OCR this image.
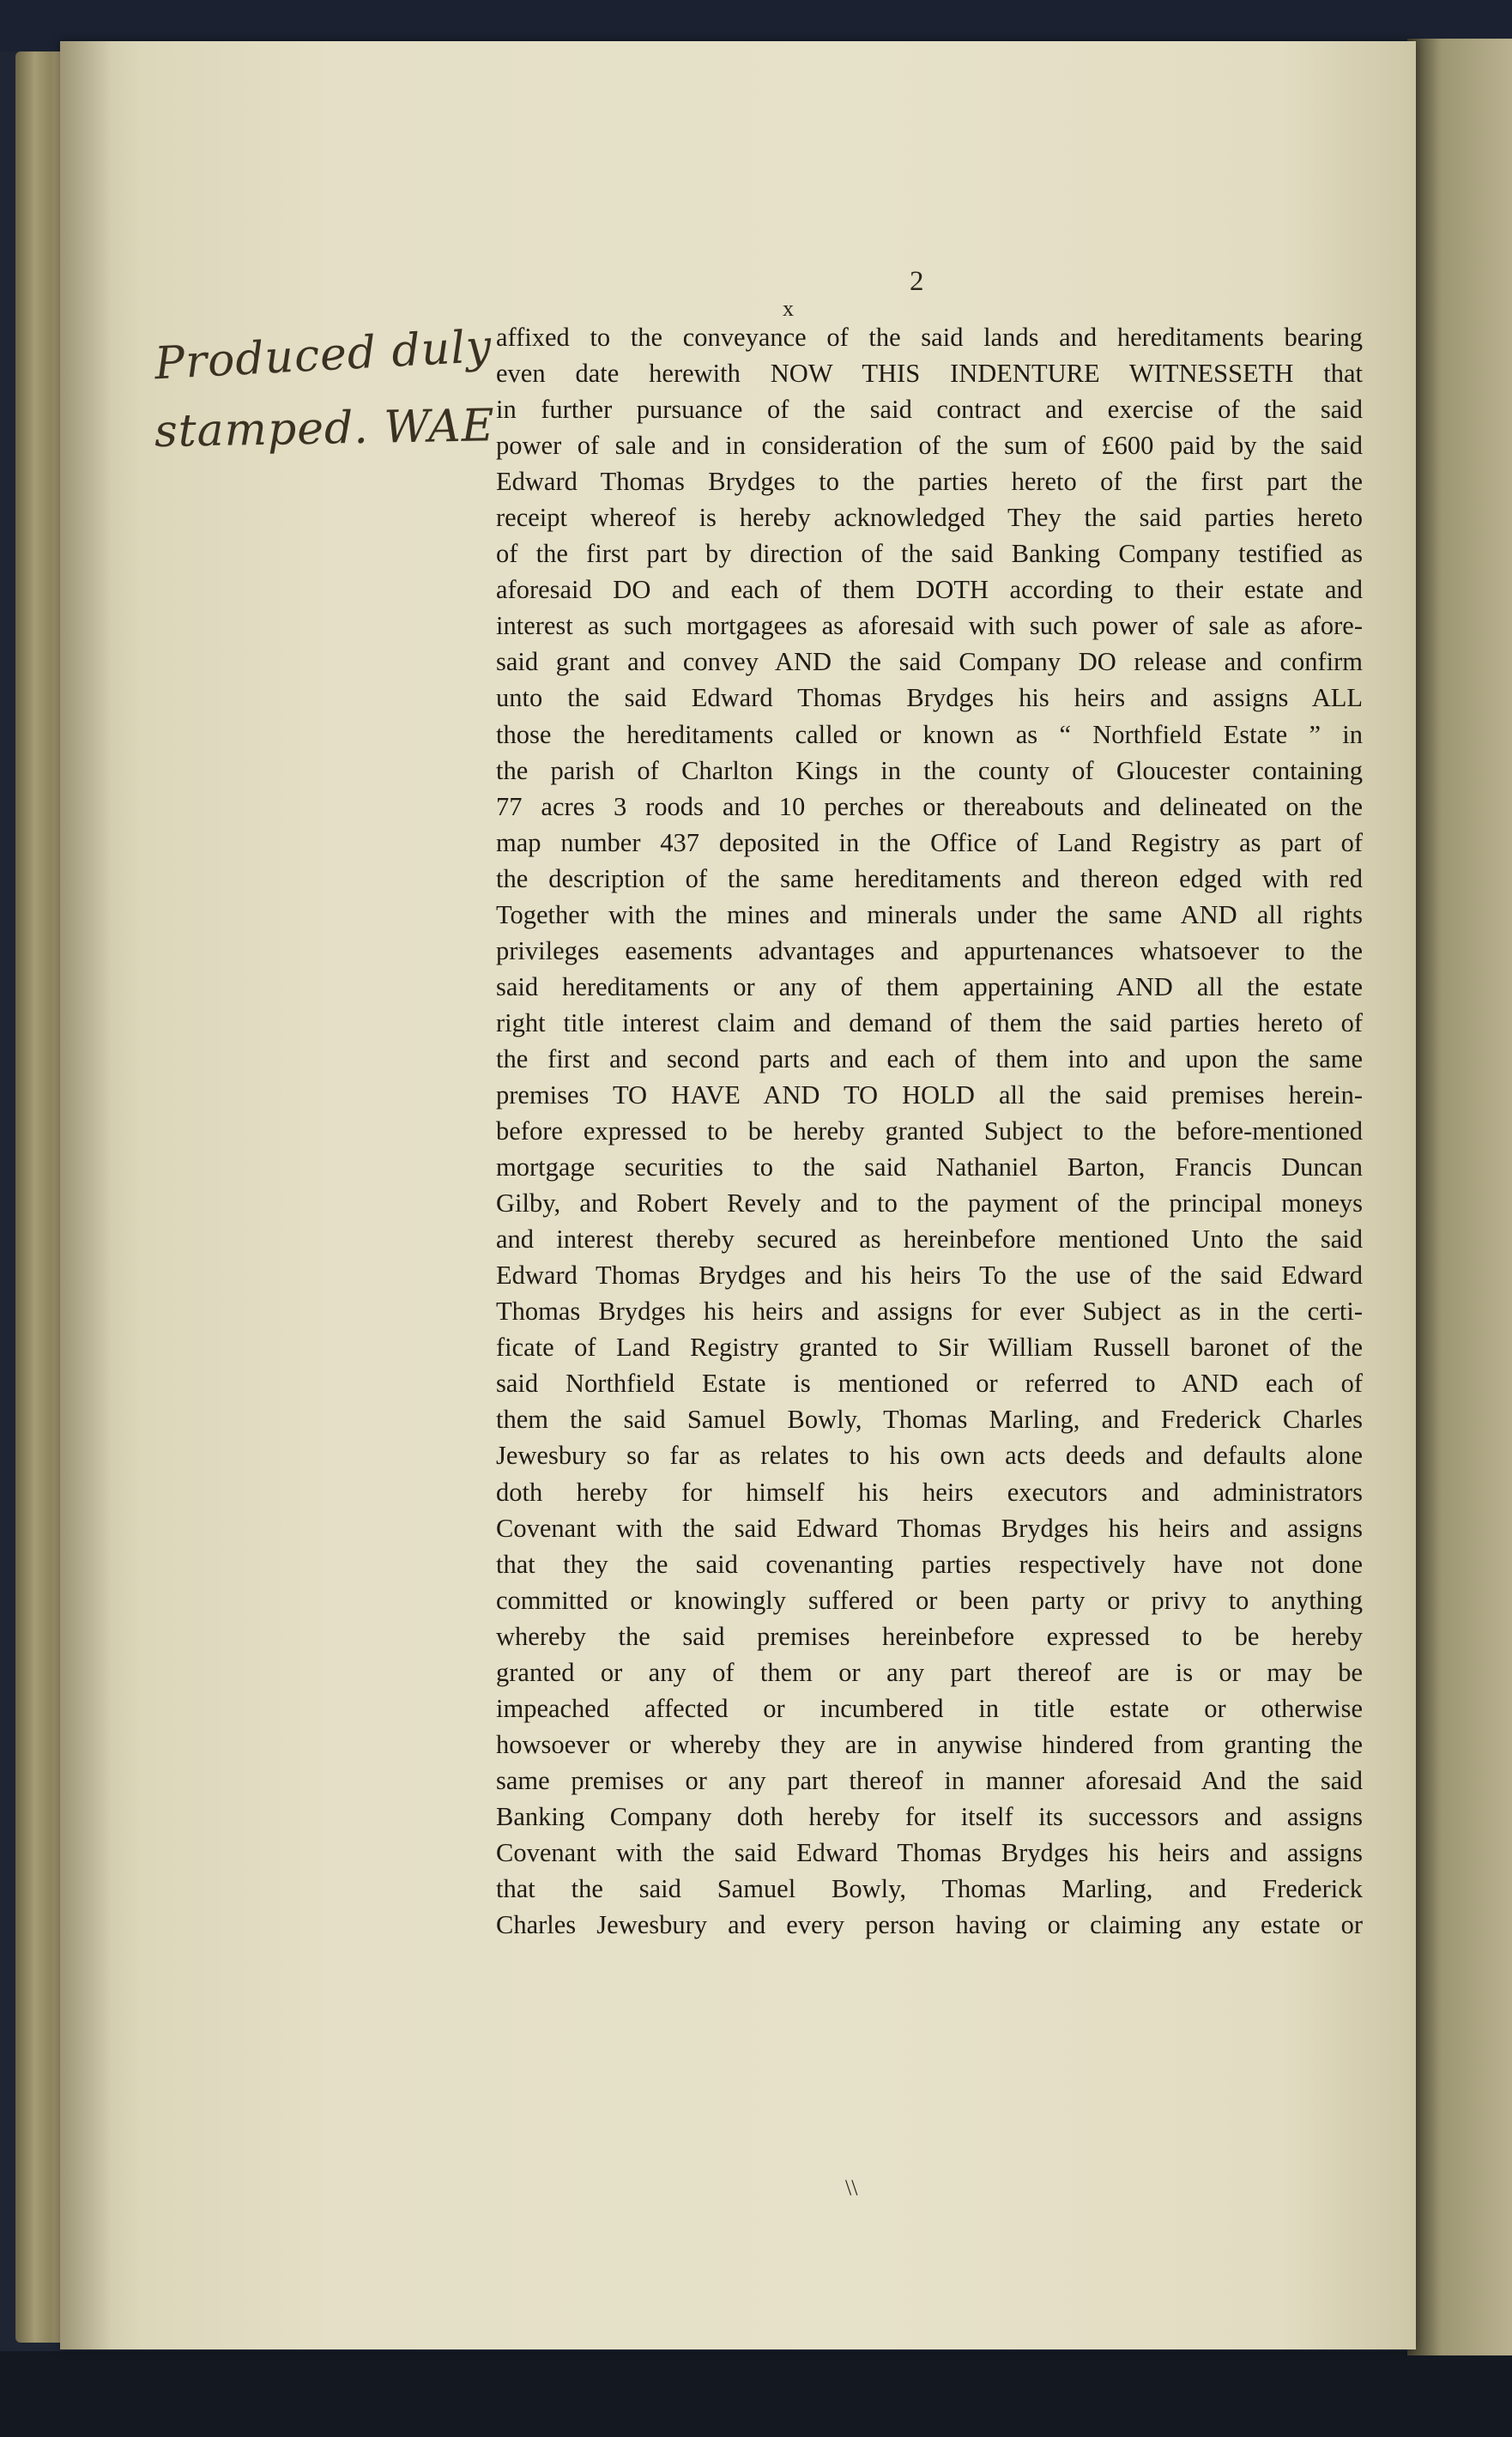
2
x
Produced duly
stamped. WAE
affixed to the conveyance of the said lands and hereditaments bearing
even date herewith NOW THIS INDENTURE WITNESSETH that
in further pursuance of the said contract and exercise of the said
power of sale and in consideration of the sum of £600 paid by the said
Edward Thomas Brydges to the parties hereto of the first part the
receipt whereof is hereby acknowledged They the said parties hereto
of the first part by direction of the said Banking Company testified as
aforesaid DO and each of them DOTH according to their estate and
interest as such mortgagees as aforesaid with such power of sale as afore-
said grant and convey AND the said Company DO release and confirm
unto the said Edward Thomas Brydges his heirs and assigns ALL
those the hereditaments called or known as “ Northfield Estate ” in
the parish of Charlton Kings in the county of Gloucester containing
77 acres 3 roods and 10 perches or thereabouts and delineated on the
map number 437 deposited in the Office of Land Registry as part of
the description of the same hereditaments and thereon edged with red
Together with the mines and minerals under the same AND all rights
privileges easements advantages and appurtenances whatsoever to the
said hereditaments or any of them appertaining AND all the estate
right title interest claim and demand of them the said parties hereto of
the first and second parts and each of them into and upon the same
premises TO HAVE AND TO HOLD all the said premises herein-
before expressed to be hereby granted Subject to the before-mentioned
mortgage securities to the said Nathaniel Barton, Francis Duncan
Gilby, and Robert Revely and to the payment of the principal moneys
and interest thereby secured as hereinbefore mentioned Unto the said
Edward Thomas Brydges and his heirs To the use of the said Edward
Thomas Brydges his heirs and assigns for ever Subject as in the certi-
ficate of Land Registry granted to Sir William Russell baronet of the
said Northfield Estate is mentioned or referred to AND each of
them the said Samuel Bowly, Thomas Marling, and Frederick Charles
Jewesbury so far as relates to his own acts deeds and defaults alone
doth hereby for himself his heirs executors and administrators
Covenant with the said Edward Thomas Brydges his heirs and assigns
that they the said covenanting parties respectively have not done
committed or knowingly suffered or been party or privy to anything
whereby the said premises hereinbefore expressed to be hereby
granted or any of them or any part thereof are is or may be
impeached affected or incumbered in title estate or otherwise
howsoever or whereby they are in anywise hindered from granting the
same premises or any part thereof in manner aforesaid And the said
Banking Company doth hereby for itself its successors and assigns
Covenant with the said Edward Thomas Brydges his heirs and assigns
that the said Samuel Bowly, Thomas Marling, and Frederick
Charles Jewesbury and every person having or claiming any estate or
\\
